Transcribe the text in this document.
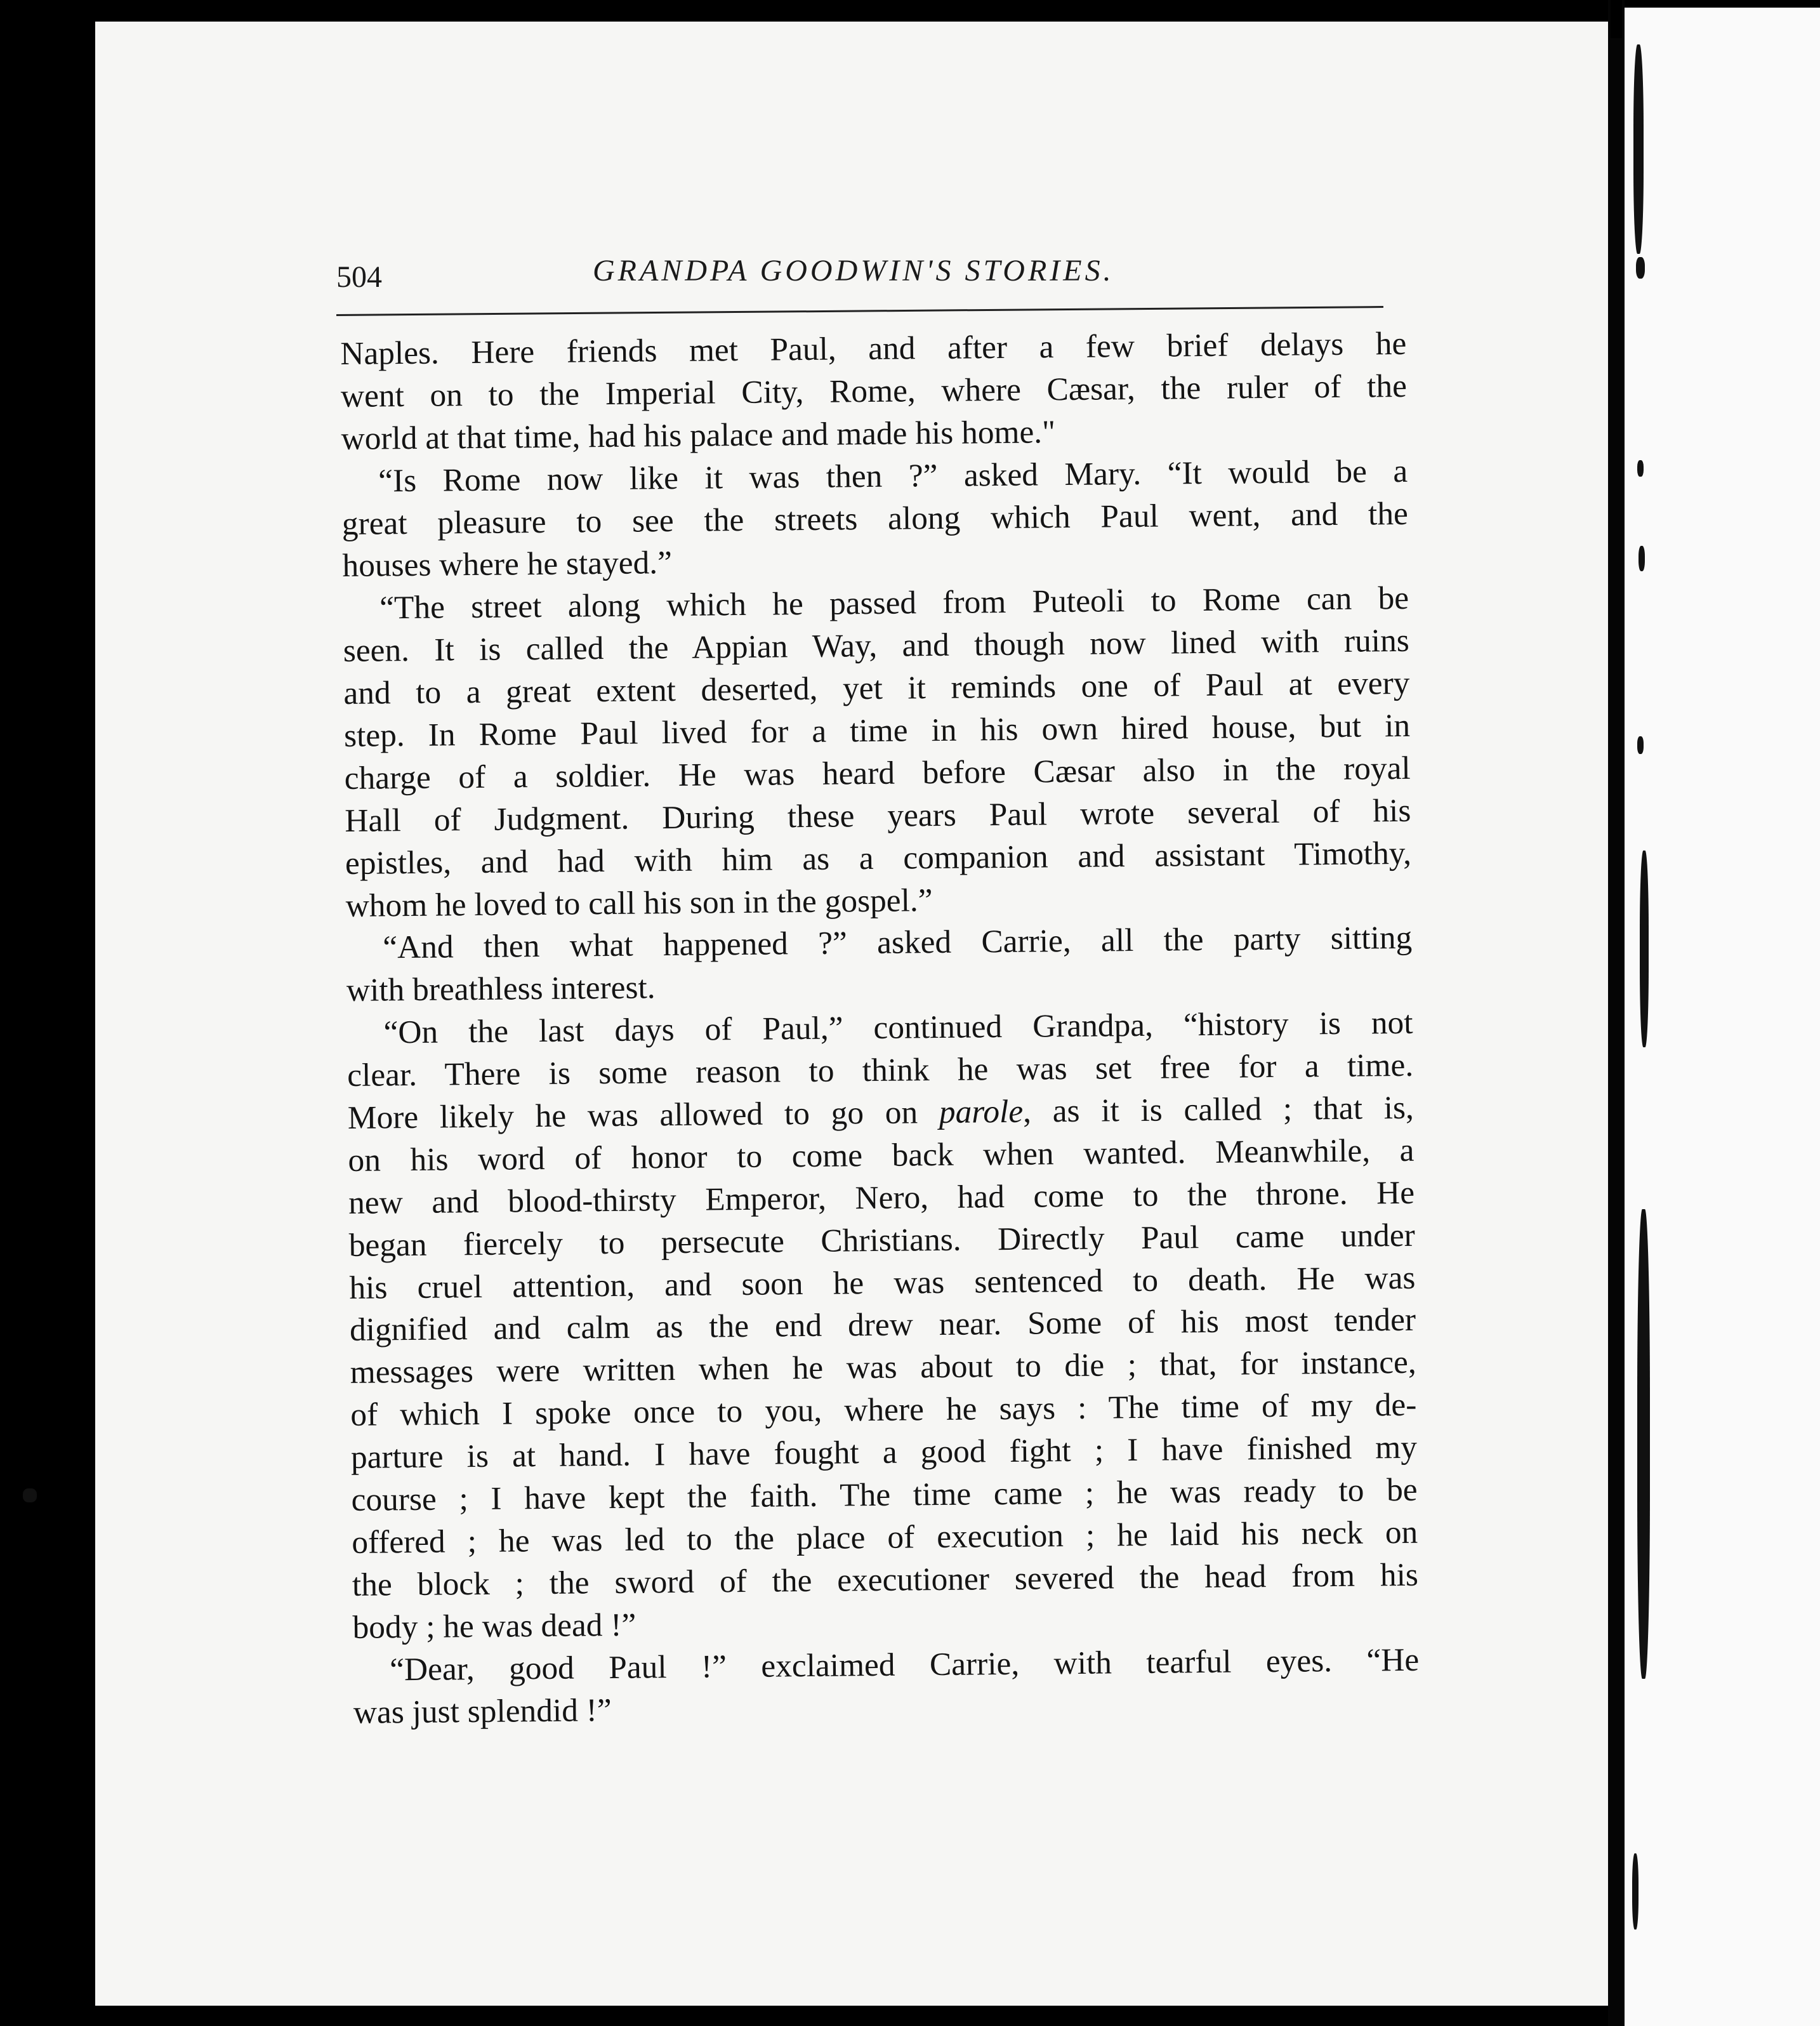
504	GRANDPA GOODWIN'S STORIES.
Naples. Here friends met Paul, and after a few brief delays he
went on to the Imperial City, Rome, where Cæsar, the ruler of the
world at that time, had his palace and made his home."
“Is Rome now like it was then ?” asked Mary. “It would be a
great pleasure to see the streets along which Paul went, and the
houses where he stayed.”
“The street along which he passed from Puteoli to Rome can be
seen. It is called the Appian Way, and though now lined with ruins
and to a great extent deserted, yet it reminds one of Paul at every
step. In Rome Paul lived for a time in his own hired house, but in
charge of a soldier. He was heard before Cæsar also in the royal
Hall of Judgment. During these years Paul wrote several of his
epistles, and had with him as a companion and assistant Timothy,
whom he loved to call his son in the gospel.”
“And then what happened ?” asked Carrie, all the party sitting
with breathless interest.
“On the last days of Paul,” continued Grandpa, “history is not
clear. There is some reason to think he was set free for a time.
More likely he was allowed to go on parole, as it is called ; that is,
on his word of honor to come back when wanted. Meanwhile, a
new and blood-thirsty Emperor, Nero, had come to the throne. He
began fiercely to persecute Christians. Directly Paul came under
his cruel attention, and soon he was sentenced to death. He was
dignified and calm as the end drew near. Some of his most tender
messages were written when he was about to die ; that, for instance,
of which I spoke once to you, where he says : The time of my de-
parture is at hand. I have fought a good fight ; I have finished my
course ; I have kept the faith. The time came ; he was ready to be
offered ; he was led to the place of execution ; he laid his neck on
the block ; the sword of the executioner severed the head from his
body ; he was dead !”
“Dear, good Paul !” exclaimed Carrie, with tearful eyes. “He
was just splendid !”
